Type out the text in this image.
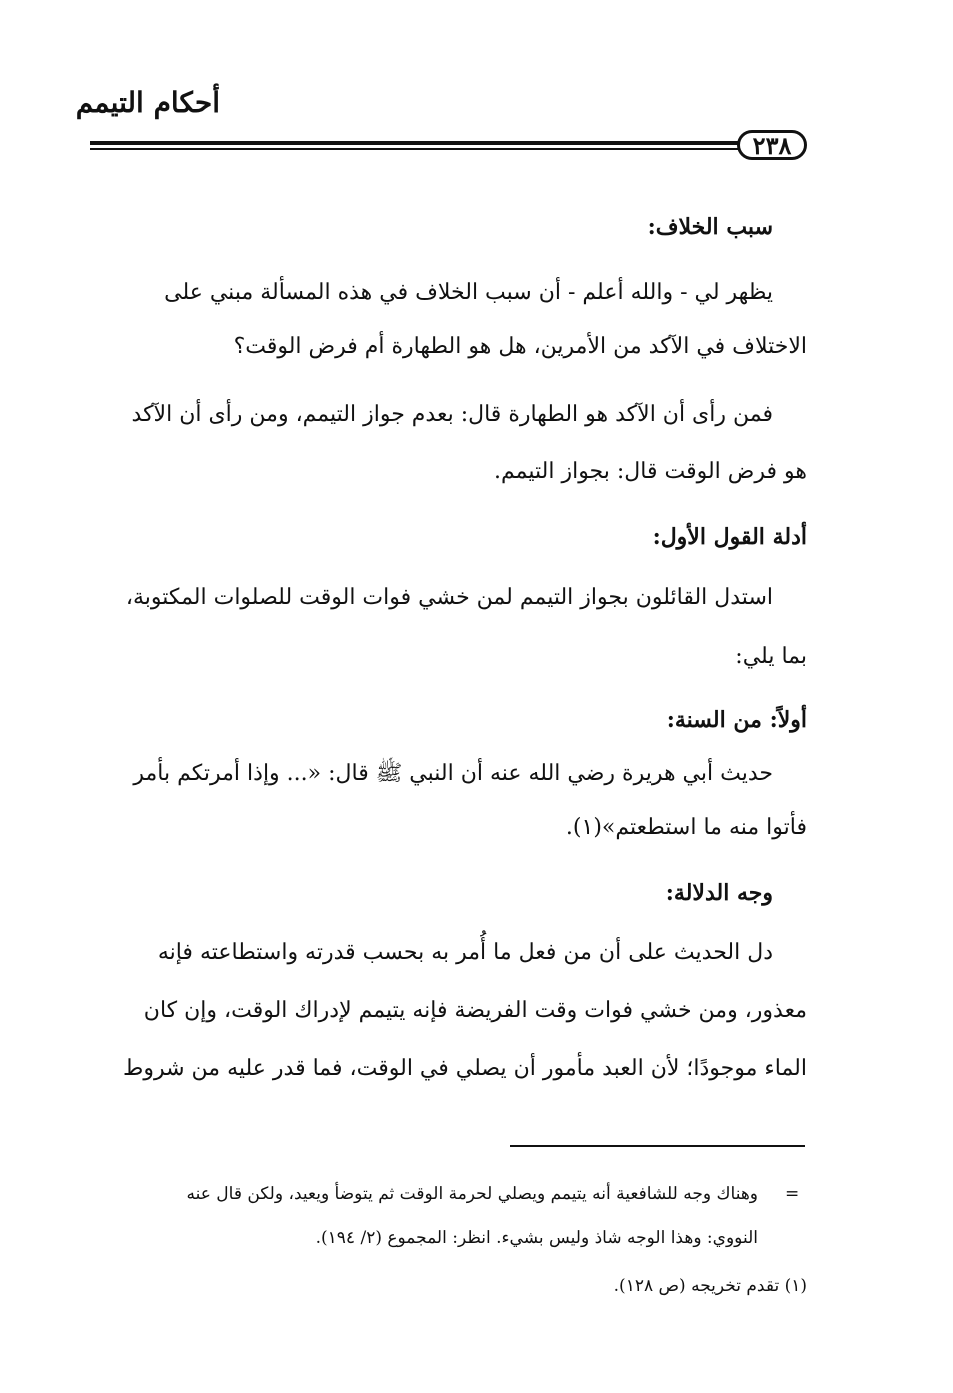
أحكام التيمم
٢٣٨
سبب الخلاف:
يظهر لي - والله أعلم - أن سبب الخلاف في هذه المسألة مبني على
الاختلاف في الآكد من الأمرين، هل هو الطهارة أم فرض الوقت؟
فمن رأى أن الآكد هو الطهارة قال: بعدم جواز التيمم، ومن رأى أن الآكد
هو فرض الوقت قال: بجواز التيمم.
أدلة القول الأول:
استدل القائلون بجواز التيمم لمن خشي فوات الوقت للصلوات المكتوبة،
بما يلي:
أولاً: من السنة:
حديث أبي هريرة رضي الله عنه أن النبي ﷺ قال: «... وإذا أمرتكم بأمر
فأتوا منه ما استطعتم»(١).
وجه الدلالة:
دل الحديث على أن من فعل ما أُمر به بحسب قدرته واستطاعته فإنه
معذور، ومن خشي فوات وقت الفريضة فإنه يتيمم لإدراك الوقت، وإن كان
الماء موجودًا؛ لأن العبد مأمور أن يصلي في الوقت، فما قدر عليه من شروط
=
وهناك وجه للشافعية أنه يتيمم ويصلي لحرمة الوقت ثم يتوضأ ويعيد، ولكن قال عنه
النووي: وهذا الوجه شاذ وليس بشيء. انظر: المجموع (٢/ ١٩٤).
(١) تقدم تخريجه (ص ١٢٨).
